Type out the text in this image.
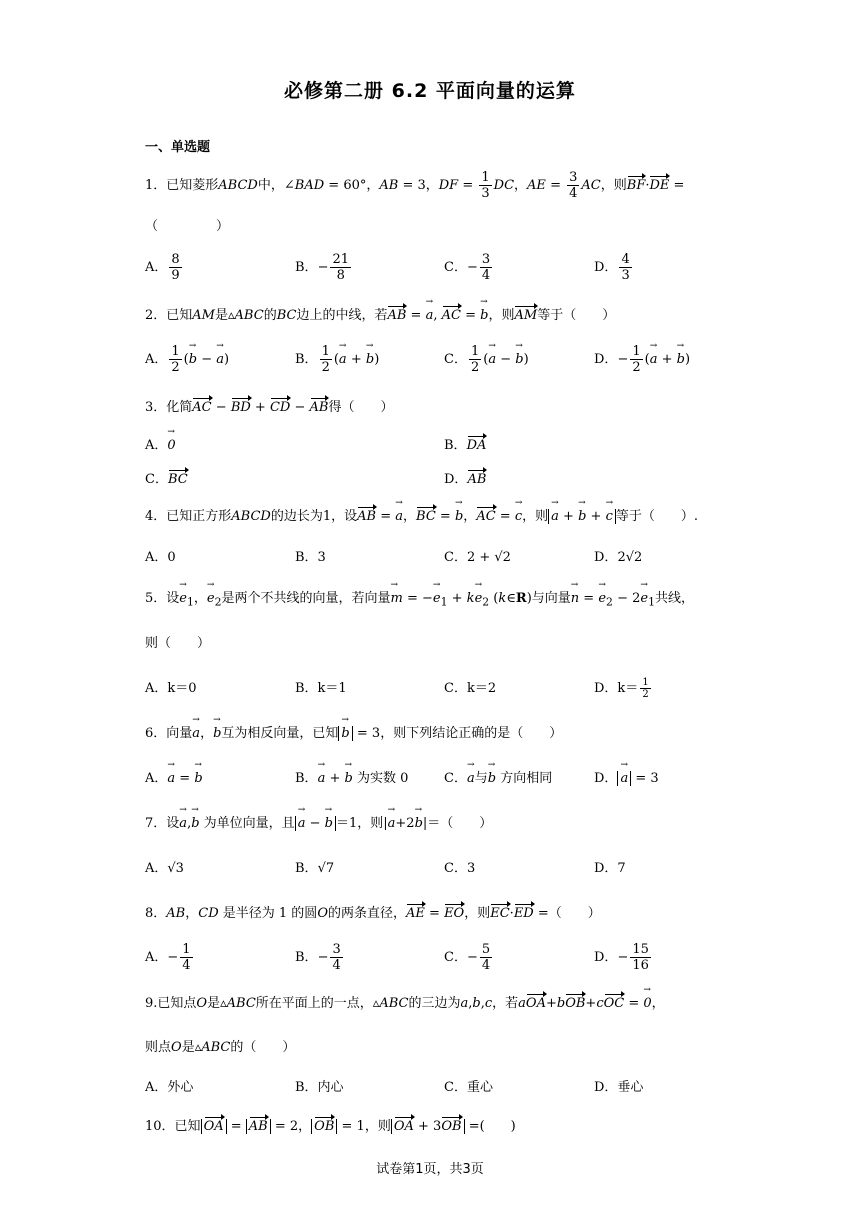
必修第二册 6.2 平面向量的运算
一、单选题
1．已知菱形ABCD中，∠BAD = 60°，AB = 3，DF = $\frac{1}{3}$ DC，AE = $\frac{3}{4}$ AC，则BF·DE =
（	）
A． $\frac{8}{9}$	B．− $\frac{21}{8}$	C．− $\frac{3}{4}$	D． $\frac{4}{3}$
2．已知AM是▵ABC的BC边上的中线，若AB = → a, AC = → b，则AM等于（　　）
A． $\frac{1}{2}$ (→ b − → a)	B． $\frac{1}{2}$ (→ a + → b)	C． $\frac{1}{2}$ (→ a − → b)	D．− $\frac{1}{2}$ (→ a + → b)
3．化简AC − BD + CD − AB得（　　）
A．→ 0	B．DA
C．BC	D．AB
4．已知正方形ABCD的边长为1，设AB = → a，BC = → b，AC = → c，则 → a + → b + → c 等于（　　）.
A．0	B．3	C．2 + √2	D．2√2
5．设→ $e_1$，→ $e_2$是两个不共线的向量，若向量→ m = −→ $e_1 + k\to e_2$ (k∈R)与向量→ n = → $e_2 - 2\to e_1$共线，
则（　　）
A．k＝0	B．k＝1	C．k＝2	D．$k= \frac{1}{2}$
6．向量→ a，→ b互为相反向量，已知 → b = 3，则下列结论正确的是（　　）
A．→ a = → b	B．→ a + → b 为实数 0	C．→ a与→ b 方向相同	D． → a = 3
7．设→ a,→ b 为单位向量，且 → a − → b ＝1，则|→ a+2→ b|＝（　　）
A．√3	B．√7	C．3	D．7
8．AB，CD 是半径为 1 的圆O的两条直径，AE = EO，则EC·ED =（　　）
A．− $\frac{1}{4}$	B．− $\frac{3}{4}$	C．− $\frac{5}{4}$	D．− $\frac{15}{16}$
9.已知点O是▵ABC所在平面上的一点，▵ABC的三边为a,b,c，若aOA+bOB+cOC = → 0，
则点O是▵ABC的（　　）
A．外心	B．内心	C．重心	D．垂心
10．已知 OA = AB = 2， OB = 1，则 OA + 3OB =(　　)
试卷第1页，共3页
